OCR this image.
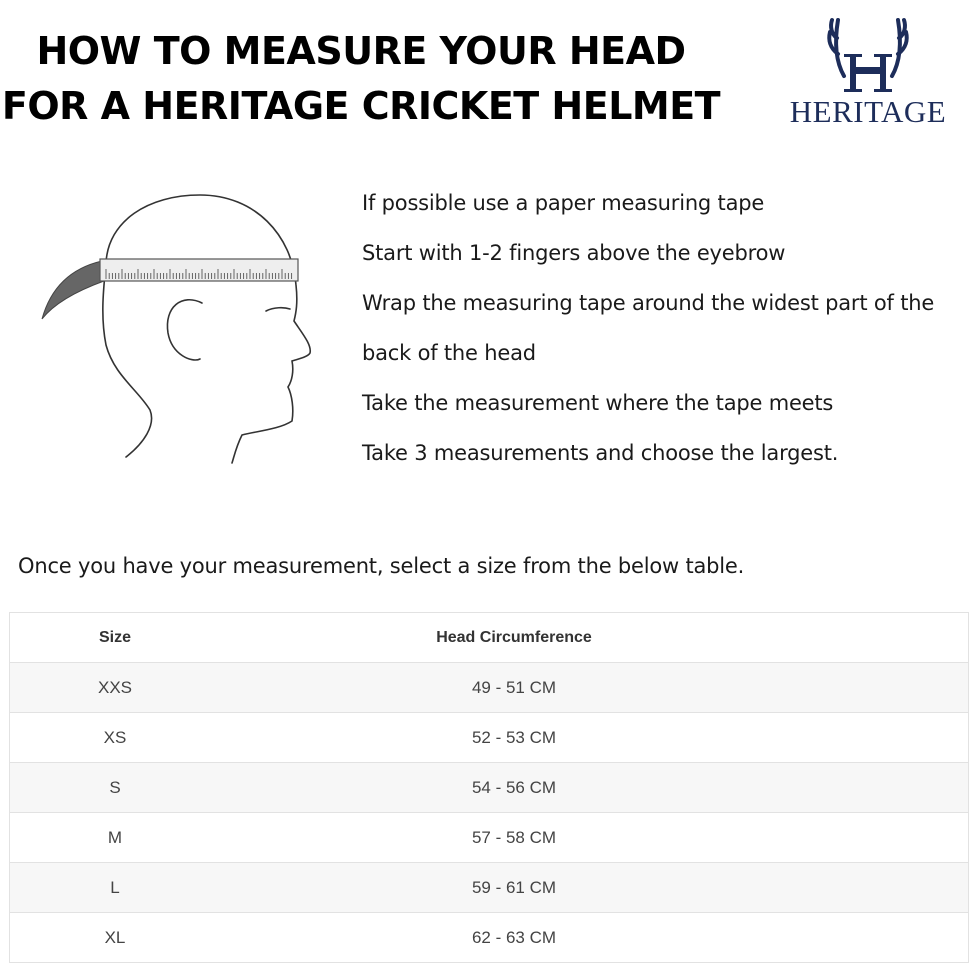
HOW TO MEASURE YOUR HEAD
FOR A HERITAGE CRICKET HELMET HERITAGE
If possible use a paper measuring tape
Start with 1-2 fingers above the eyebrow
Wrap the measuring tape around the widest part of the
back of the head
Take the measurement where the tape meets
Take 3 measurements and choose the largest.

Once you have your measurement, select a size from the below table.

Size	Head Circumference
XXS	49 - 51 CM
XS	52 - 53 CM
S	54 - 56 CM
M	57 - 58 CM
L	59 - 61 CM
XL	62 - 63 CM
